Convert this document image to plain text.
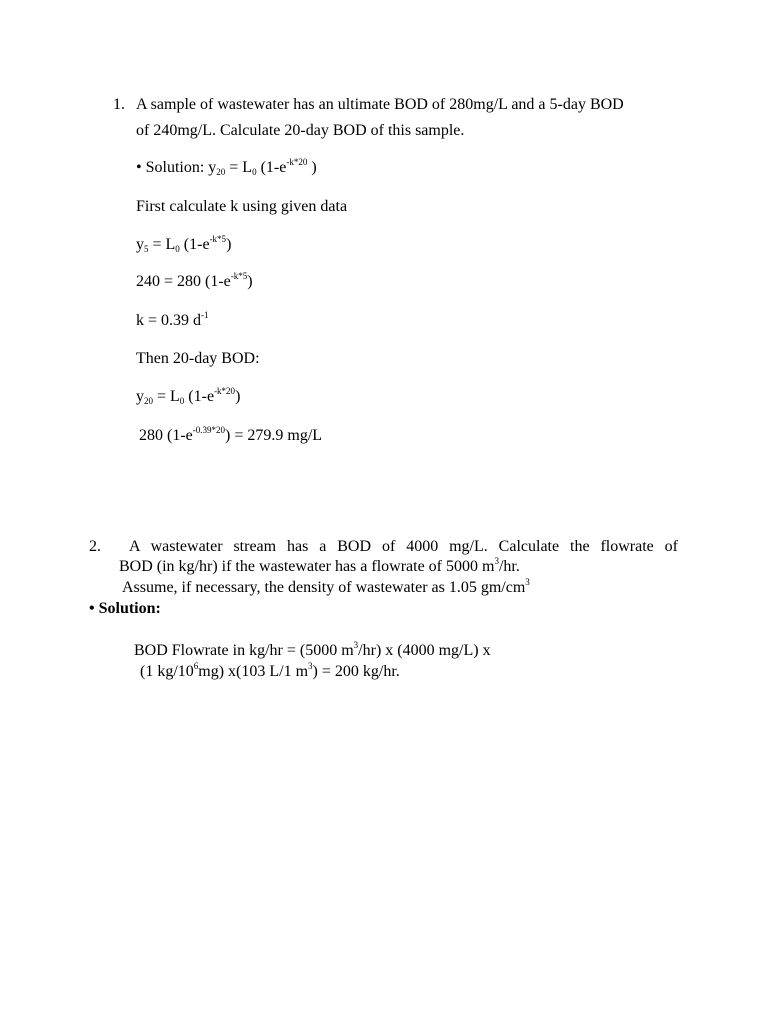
1. A sample of wastewater has an ultimate BOD of 280mg/L and a 5-day BOD
of 240mg/L. Calculate 20-day BOD of this sample.
• Solution: $y_{20} = L_0$ ($1-e^{-k*20}$ )
First calculate k using given data
$y_5 = L_0$ $(1-e^{-k*5})$
240 = 280 $(1-e^{-k*5})$
k = 0.39 $d^{-1}$
Then 20-day BOD:
$y_{20} = L_0$ $(1-e^{-k*20})$
280 $(1-e^{-0.39*20}) = 279.9$ mg/L
2. A wastewater stream has a BOD of 4000 mg/L. Calculate the flowrate of
BOD (in kg/hr) if the wastewater has a flowrate of 5000 $m^3/hr$.
Assume, if necessary, the density of wastewater as 1.05 $gm/cm^3$
• Solution:
BOD Flowrate in kg/hr = (5000 $m^3/hr$) x (4000 mg/L) x
(1 $kg/10^6mg$) x(103 L/1 $m^3) = 200$ kg/hr.
